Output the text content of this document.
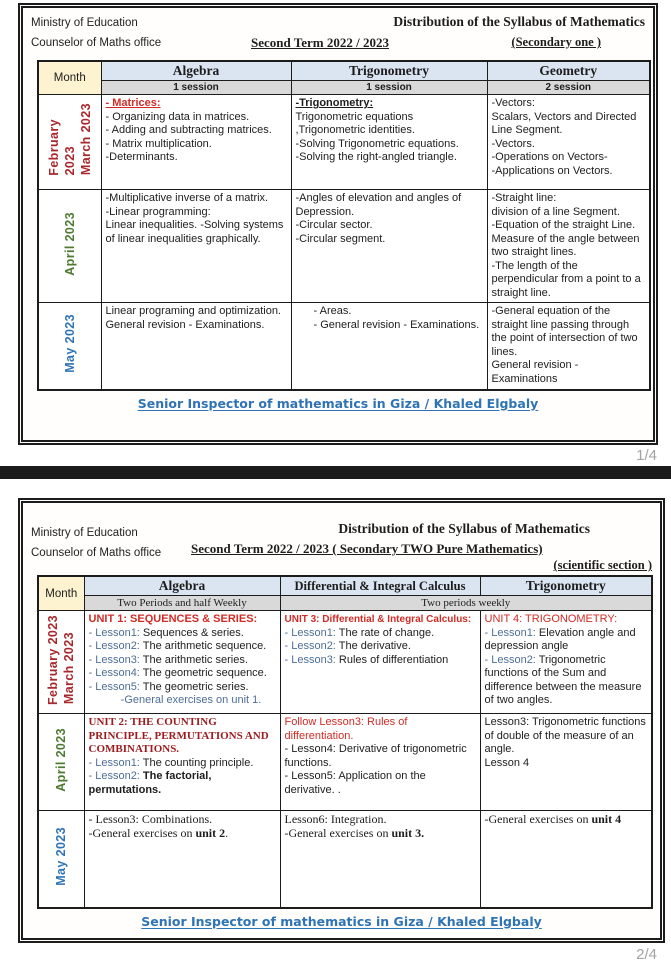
Ministry of Education
Counselor of Maths office
Distribution of the Syllabus of Mathematics
Second Term 2022 / 2023	(Secondary one )
Month	Algebra	Trigonometry	Geometry
	1 session	1 session	2 session
February 2023 March 2023	
- Matrices:
- Organizing data in matrices.
- Adding and subtracting matrices.
- Matrix multiplication.
-Determinants.

-Trigonometry:
Trigonometric equations
,Trigonometric identities.
-Solving Trigonometric equations.
-Solving the right-angled triangle.

-Vectors:
Scalars, Vectors and Directed Line Segment.
-Vectors.
-Operations on Vectors-
-Applications on Vectors.

April 2023	
-Multiplicative inverse of a matrix.
-Linear programming:
Linear inequalities. -Solving systems of linear inequalities graphically.

-Angles of elevation and angles of Depression.
-Circular sector.
-Circular segment.

-Straight line:
division of a line Segment.
-Equation of the straight Line.
Measure of the angle between two straight lines.
-The length of the perpendicular from a point to a straight line.

May 2023	
Linear programing and optimization.
General revision - Examinations.

- Areas.
- General revision - Examinations.

-General equation of the straight line passing through the point of intersection of two lines.
General revision - Examinations
Senior Inspector of mathematics in Giza / Khaled Elgbaly
1/4
Ministry of Education
Counselor of Maths office
Distribution of the Syllabus of Mathematics
Second Term 2022 / 2023 ( Secondary TWO Pure Mathematics)
(scientific section )
Month	Algebra	Differential & Integral Calculus	Trigonometry
	Two Periods and half Weekly	Two periods weekly	
February 2023 March 2023	
UNIT 1: SEQUENCES & SERIES:
- Lesson1: Sequences & series.
- Lesson2: The arithmetic sequence.
- Lesson3: The arithmetic series.
- Lesson4: The geometric sequence.
- Lesson5: The geometric series.
-General exercises on unit 1.

UNIT 3: Differential & Integral Calculus:
- Lesson1: The rate of change.
- Lesson2: The derivative.
- Lesson3: Rules of differentiation

UNIT 4: TRIGONOMETRY:
- Lesson1: Elevation angle and depression angle
- Lesson2: Trigonometric functions of the Sum and difference between the measure of two angles.

April 2023	
UNIT 2: THE COUNTING PRINCIPLE, PERMUTATIONS AND COMBINATIONS.
- Lesson1: The counting principle.
- Lesson2: The factorial, permutations.

Follow Lesson3: Rules of differentiation.
- Lesson4: Derivative of trigonometric functions.
- Lesson5: Application on the derivative. .

Lesson3: Trigonometric functions of double of the measure of an angle.
Lesson 4

May 2023	
- Lesson3: Combinations.
-General exercises on unit 2.

Lesson6: Integration.
-General exercises on unit 3.

-General exercises on unit 4
Senior Inspector of mathematics in Giza / Khaled Elgbaly
2/4
